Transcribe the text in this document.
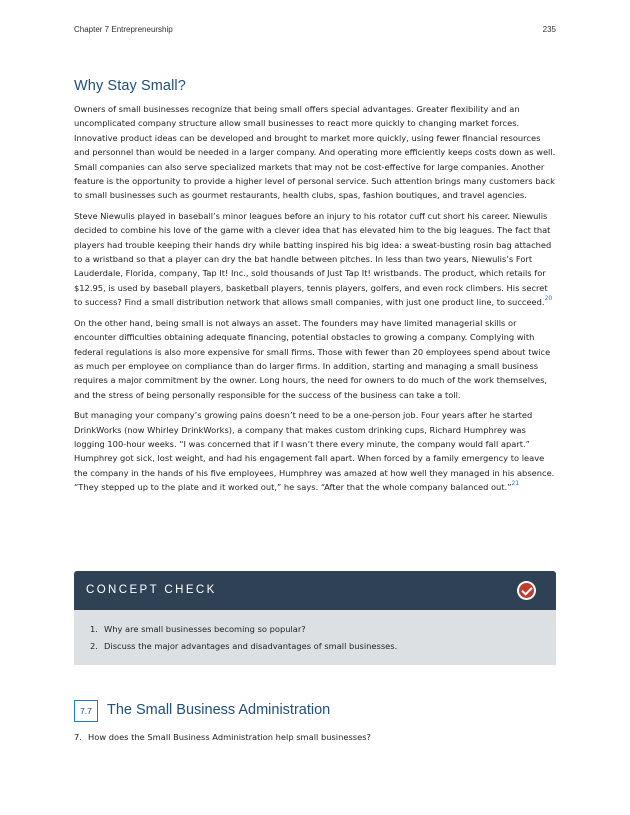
Chapter 7 Entrepreneurship	235
Why Stay Small?

Owners of small businesses recognize that being small offers special advantages. Greater flexibility and an uncomplicated company structure allow small businesses to react more quickly to changing market forces. Innovative product ideas can be developed and brought to market more quickly, using fewer financial resources and personnel than would be needed in a larger company. And operating more efficiently keeps costs down as well. Small companies can also serve specialized markets that may not be cost-effective for large companies. Another feature is the opportunity to provide a higher level of personal service. Such attention brings many customers back to small businesses such as gourmet restaurants, health clubs, spas, fashion boutiques, and travel agencies.

Steve Niewulis played in baseball’s minor leagues before an injury to his rotator cuff cut short his career. Niewulis decided to combine his love of the game with a clever idea that has elevated him to the big leagues. The fact that players had trouble keeping their hands dry while batting inspired his big idea: a sweat-busting rosin bag attached to a wristband so that a player can dry the bat handle between pitches. In less than two years, Niewulis’s Fort Lauderdale, Florida, company, Tap It! Inc., sold thousands of Just Tap It! wristbands. The product, which retails for $12.95, is used by baseball players, basketball players, tennis players, golfers, and even rock climbers. His secret to success? Find a small distribution network that allows small companies, with just one product line, to succeed.$^{20}$

On the other hand, being small is not always an asset. The founders may have limited managerial skills or encounter difficulties obtaining adequate financing, potential obstacles to growing a company. Complying with federal regulations is also more expensive for small firms. Those with fewer than 20 employees spend about twice as much per employee on compliance than do larger firms. In addition, starting and managing a small business requires a major commitment by the owner. Long hours, the need for owners to do much of the work themselves, and the stress of being personally responsible for the success of the business can take a toll.

But managing your company’s growing pains doesn’t need to be a one-person job. Four years after he started DrinkWorks (now Whirley DrinkWorks), a company that makes custom drinking cups, Richard Humphrey was logging 100-hour weeks. “I was concerned that if I wasn’t there every minute, the company would fall apart.” Humphrey got sick, lost weight, and had his engagement fall apart. When forced by a family emergency to leave the company in the hands of his five employees, Humphrey was amazed at how well they managed in his absence. “They stepped up to the plate and it worked out,” he says. “After that the whole company balanced out.”$^{21}$

CONCEPT CHECK
1. Why are small businesses becoming so popular?
2. Discuss the major advantages and disadvantages of small businesses.
7.7	The Small Business Administration
7. How does the Small Business Administration help small businesses?
